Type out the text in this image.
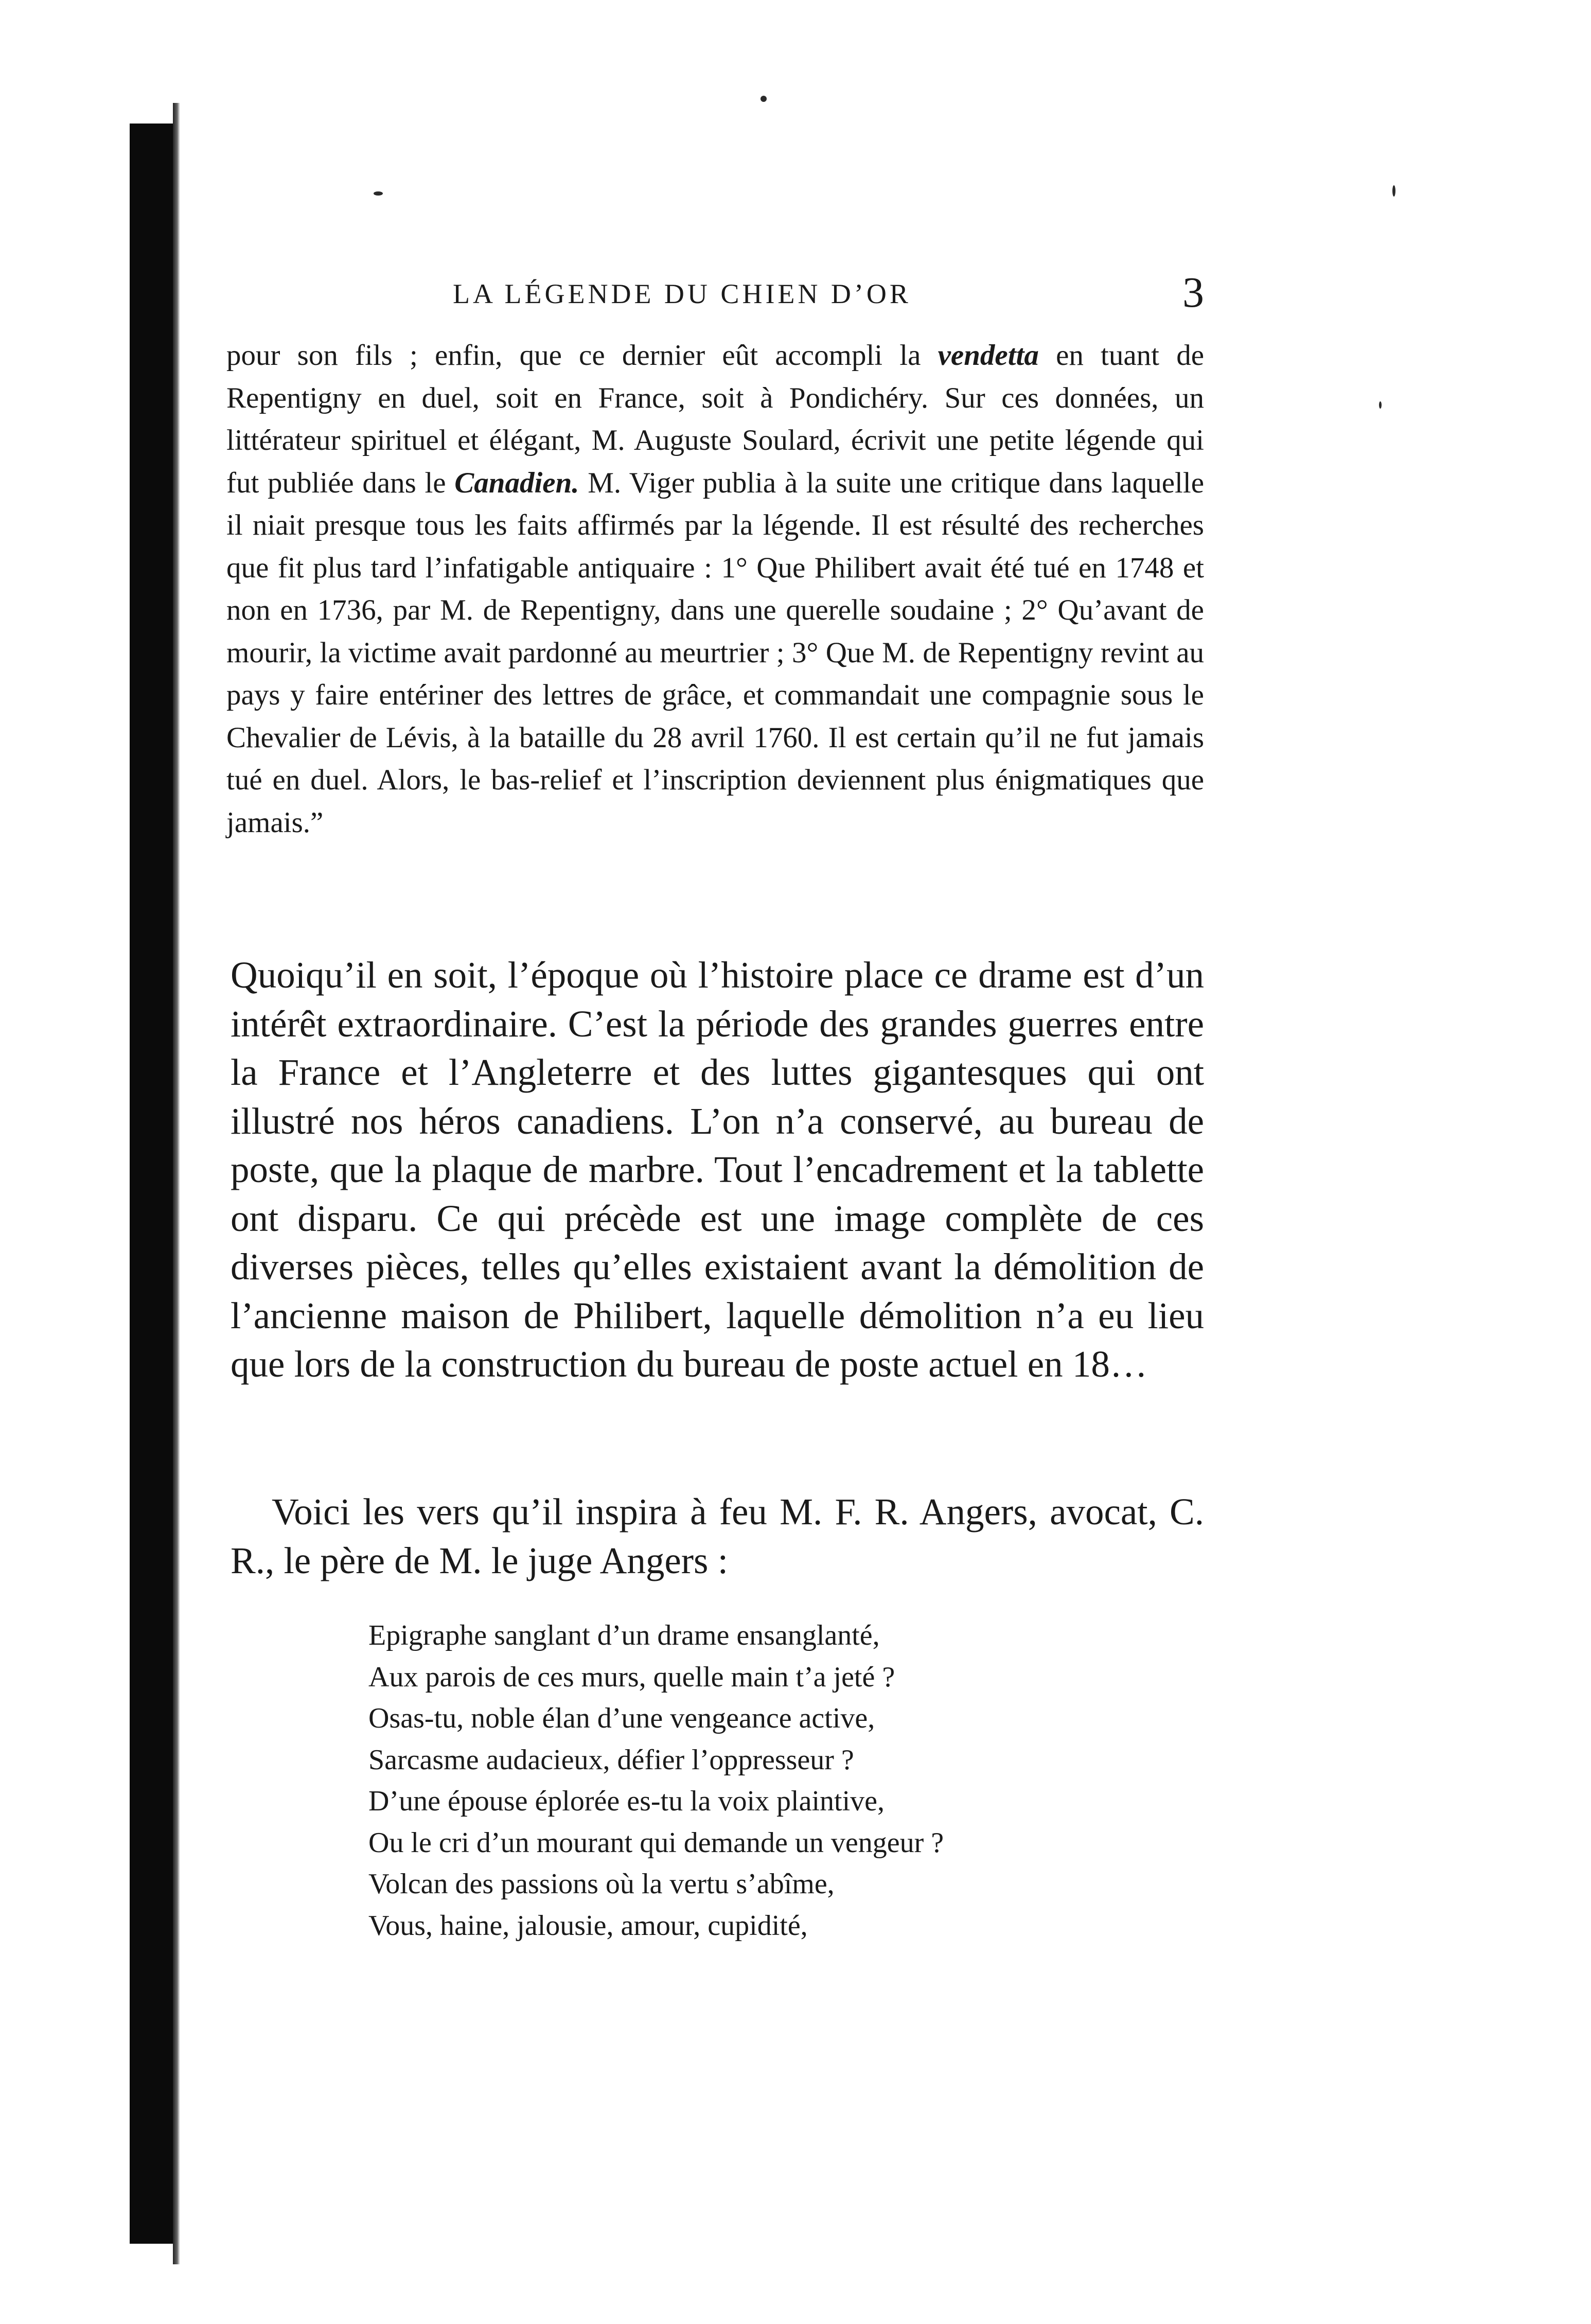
LA LÉGENDE DU CHIEN D’OR	3

pour son fils ; enfin, que ce dernier eût accompli la vendetta en tuant de Repentigny en duel, soit en France, soit à Pondichéry. Sur ces données, un littérateur spirituel et élégant, M. Auguste Soulard, écrivit une petite légende qui fut publiée dans le Canadien. M. Viger publia à la suite une critique dans laquelle il niait presque tous les faits affirmés par la légende. Il est résulté des recherches que fit plus tard l’infatigable antiquaire : 1° Que Philibert avait été tué en 1748 et non en 1736, par M. de Repentigny, dans une querelle soudaine ; 2° Qu’avant de mourir, la victime avait pardonné au meurtrier ; 3° Que M. de Repentigny revint au pays y faire entériner des lettres de grâce, et commandait une compagnie sous le Chevalier de Lévis, à la bataille du 28 avril 1760. Il est certain qu’il ne fut jamais tué en duel. Alors, le bas-relief et l’inscription deviennent plus énigmatiques que jamais.”

Quoiqu’il en soit, l’époque où l’histoire place ce drame est d’un intérêt extraordinaire. C’est la période des grandes guerres entre la France et l’Angleterre et des luttes gigantesques qui ont illustré nos héros canadiens. L’on n’a conservé, au bureau de poste, que la plaque de marbre. Tout l’encadrement et la tablette ont disparu. Ce qui précède est une image complète de ces diverses pièces, telles qu’elles existaient avant la démolition de l’ancienne maison de Philibert, laquelle démolition n’a eu lieu que lors de la construction du bureau de poste actuel en 18…

Voici les vers qu’il inspira à feu M. F. R. Angers, avocat, C. R., le père de M. le juge Angers :

Epigraphe sanglant d’un drame ensanglanté,
Aux parois de ces murs, quelle main t’a jeté ?
Osas-tu, noble élan d’une vengeance active,
Sarcasme audacieux, défier l’oppresseur ?
D’une épouse éplorée es-tu la voix plaintive,
Ou le cri d’un mourant qui demande un vengeur ?
Volcan des passions où la vertu s’abîme,
Vous, haine, jalousie, amour, cupidité,
